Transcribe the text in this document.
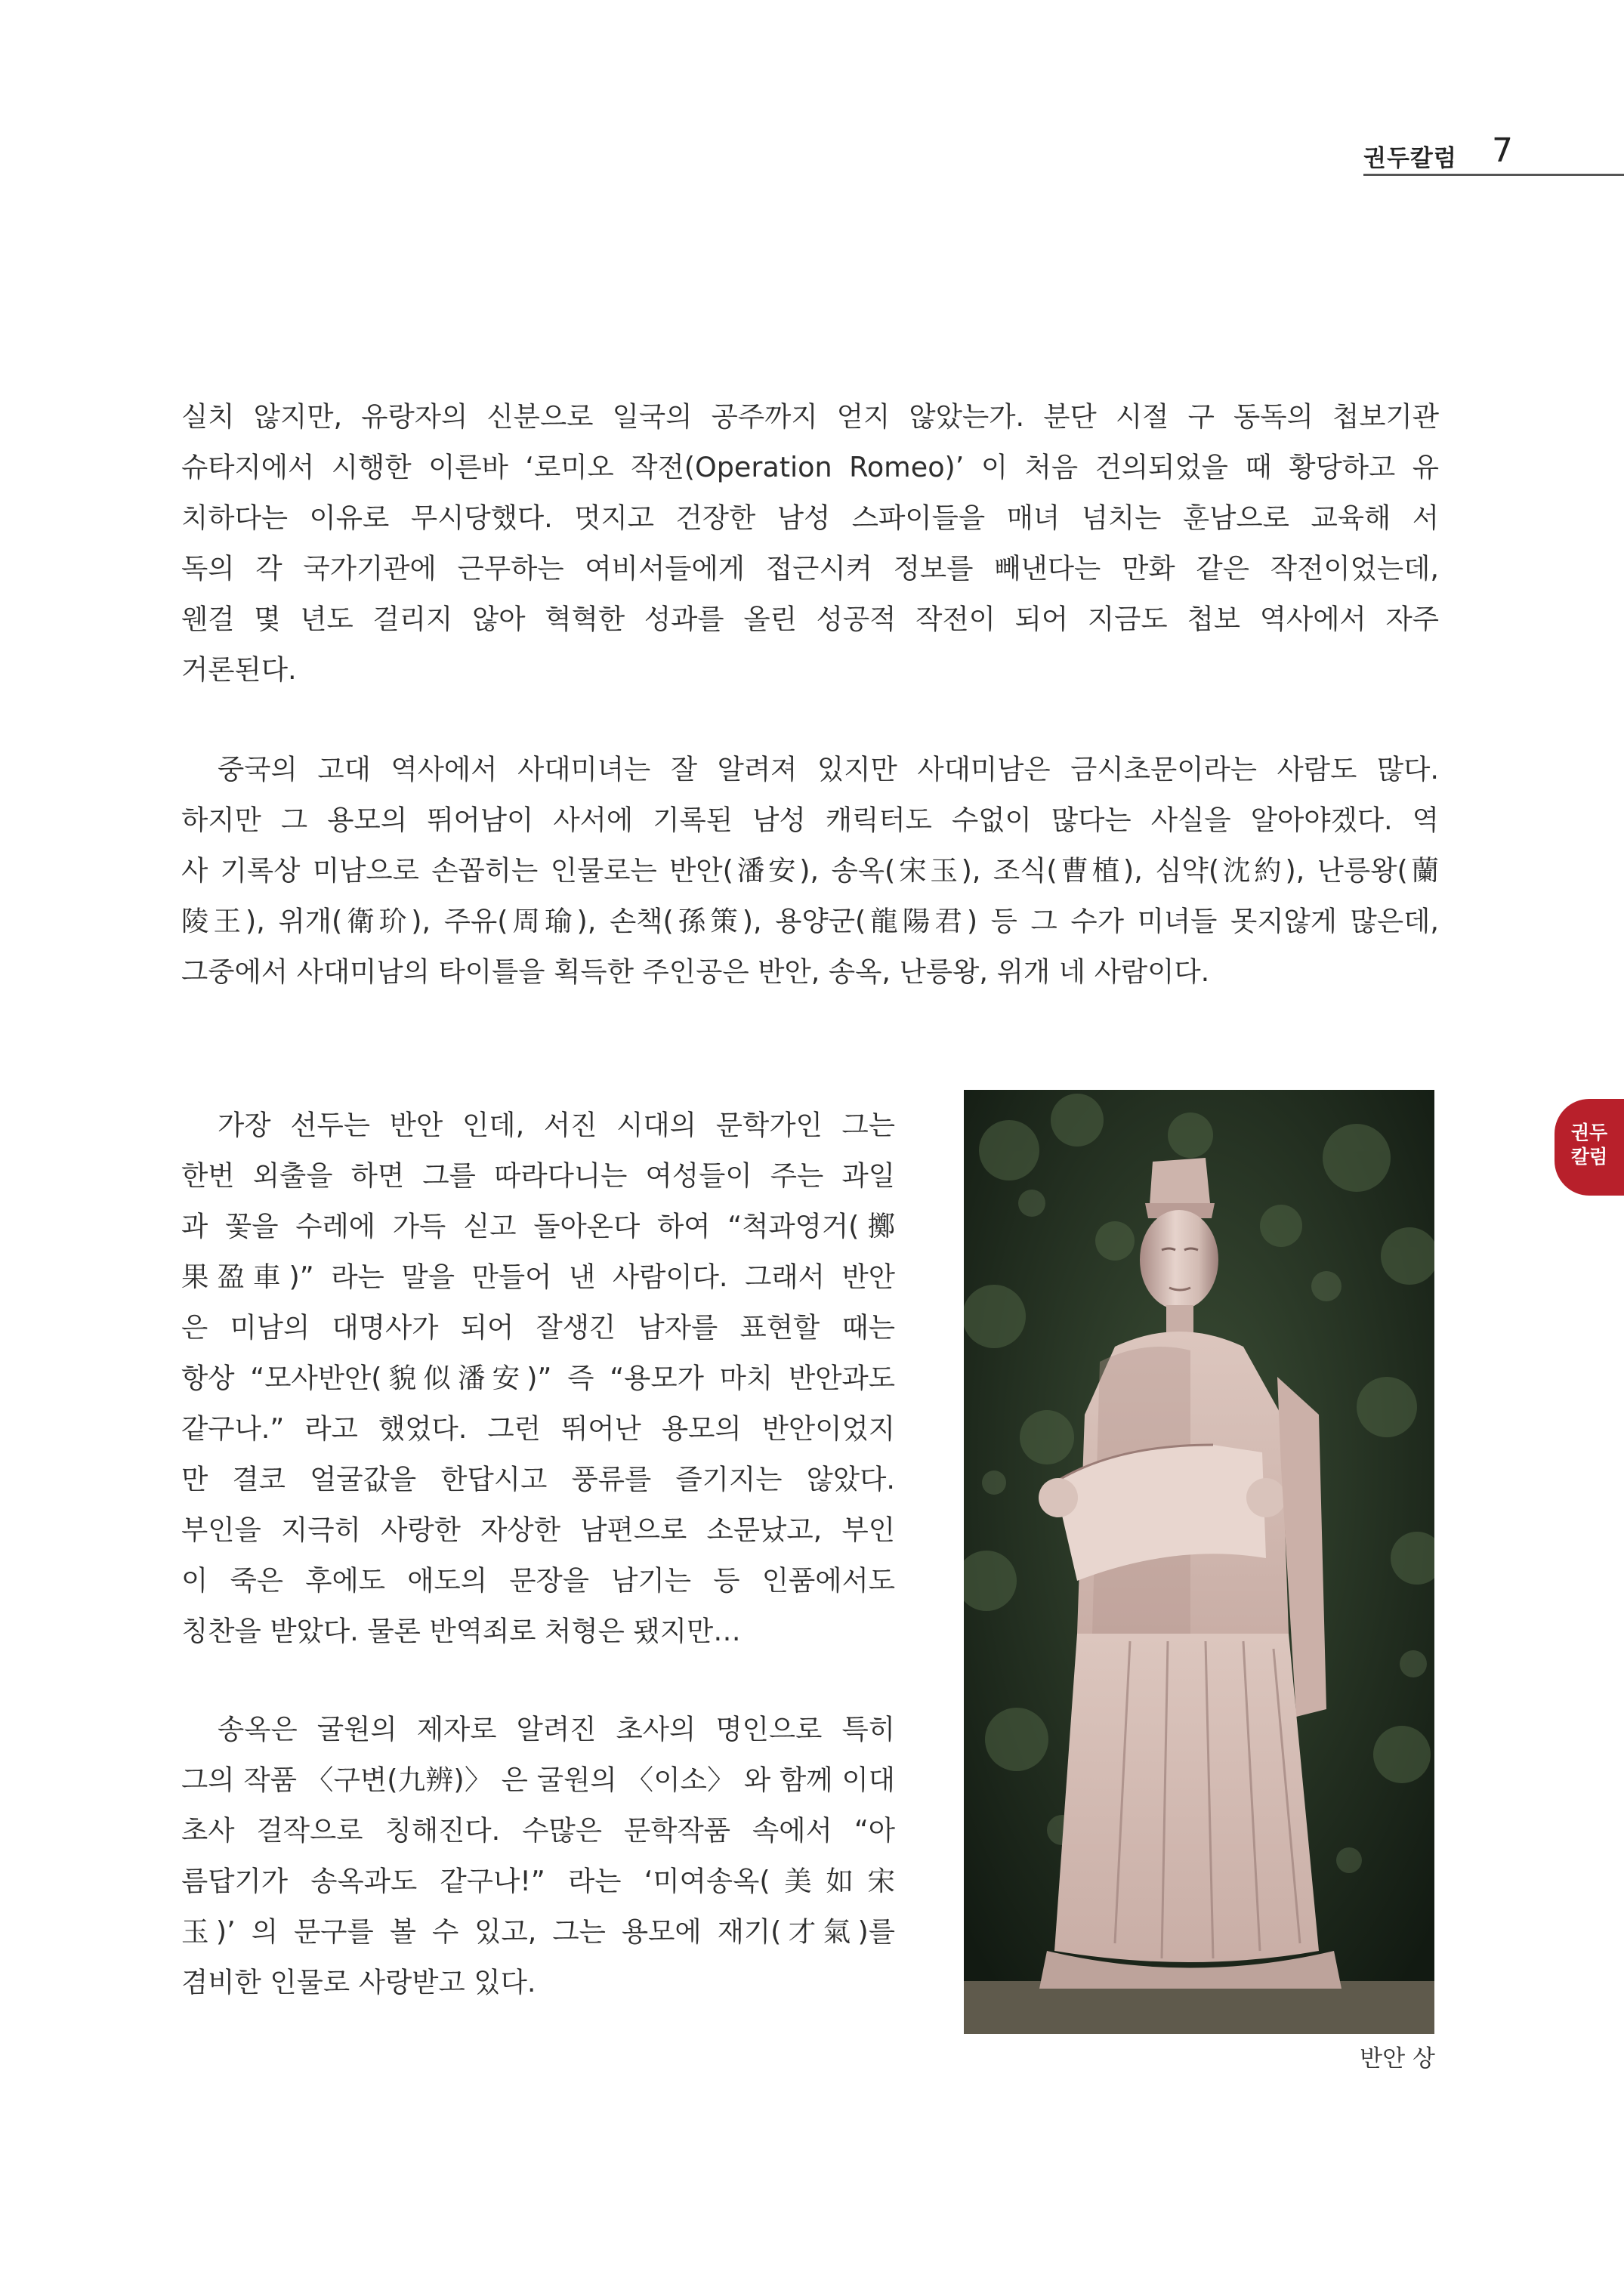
권두칼럼 7
권두
칼럼
실치 않지만, 유랑자의 신분으로 일국의 공주까지 얻지 않았는가. 분단 시절 구 동독의 첩보기관
슈타지에서 시행한 이른바 ‘로미오 작전(Operation Romeo)’ 이 처음 건의되었을 때 황당하고 유
치하다는 이유로 무시당했다. 멋지고 건장한 남성 스파이들을 매녀 넘치는 훈남으로 교육해 서
독의 각 국가기관에 근무하는 여비서들에게 접근시켜 정보를 빼낸다는 만화 같은 작전이었는데,
웬걸 몇 년도 걸리지 않아 혁혁한 성과를 올린 성공적 작전이 되어 지금도 첩보 역사에서 자주
거론된다.
중국의 고대 역사에서 사대미녀는 잘 알려져 있지만 사대미남은 금시초문이라는 사람도 많다.
하지만 그 용모의 뛰어남이 사서에 기록된 남성 캐릭터도 수없이 많다는 사실을 알아야겠다. 역
사 기록상 미남으로 손꼽히는 인물로는 반안(潘安), 송옥(宋玉), 조식(曹植), 심약(沈約), 난릉왕(蘭
陵王), 위개(衛玠), 주유(周瑜), 손책(孫策), 용양군(龍陽君) 등 그 수가 미녀들 못지않게 많은데,
그중에서 사대미남의 타이틀을 획득한 주인공은 반안, 송옥, 난릉왕, 위개 네 사람이다.
가장 선두는 반안 인데, 서진 시대의 문학가인 그는
한번 외출을 하면 그를 따라다니는 여성들이 주는 과일
과 꽃을 수레에 가득 싣고 돌아온다 하여 “척과영거(擲
果盈車)” 라는 말을 만들어 낸 사람이다. 그래서 반안
은 미남의 대명사가 되어 잘생긴 남자를 표현할 때는
항상 “모사반안(貌似潘安)” 즉 “용모가 마치 반안과도
같구나.” 라고 했었다. 그런 뛰어난 용모의 반안이었지
만 결코 얼굴값을 한답시고 풍류를 즐기지는 않았다.
부인을 지극히 사랑한 자상한 남편으로 소문났고, 부인
이 죽은 후에도 애도의 문장을 남기는 등 인품에서도
칭찬을 받았다. 물론 반역죄로 처형은 됐지만…
송옥은 굴원의 제자로 알려진 초사의 명인으로 특히
그의 작품 〈구변(九辨)〉 은 굴원의 〈이소〉 와 함께 이대
초사 걸작으로 칭해진다. 수많은 문학작품 속에서 “아
름답기가 송옥과도 같구나!” 라는 ‘미여송옥(美如宋
玉)’ 의 문구를 볼 수 있고, 그는 용모에 재기(才氣)를
겸비한 인물로 사랑받고 있다.
반안 상
